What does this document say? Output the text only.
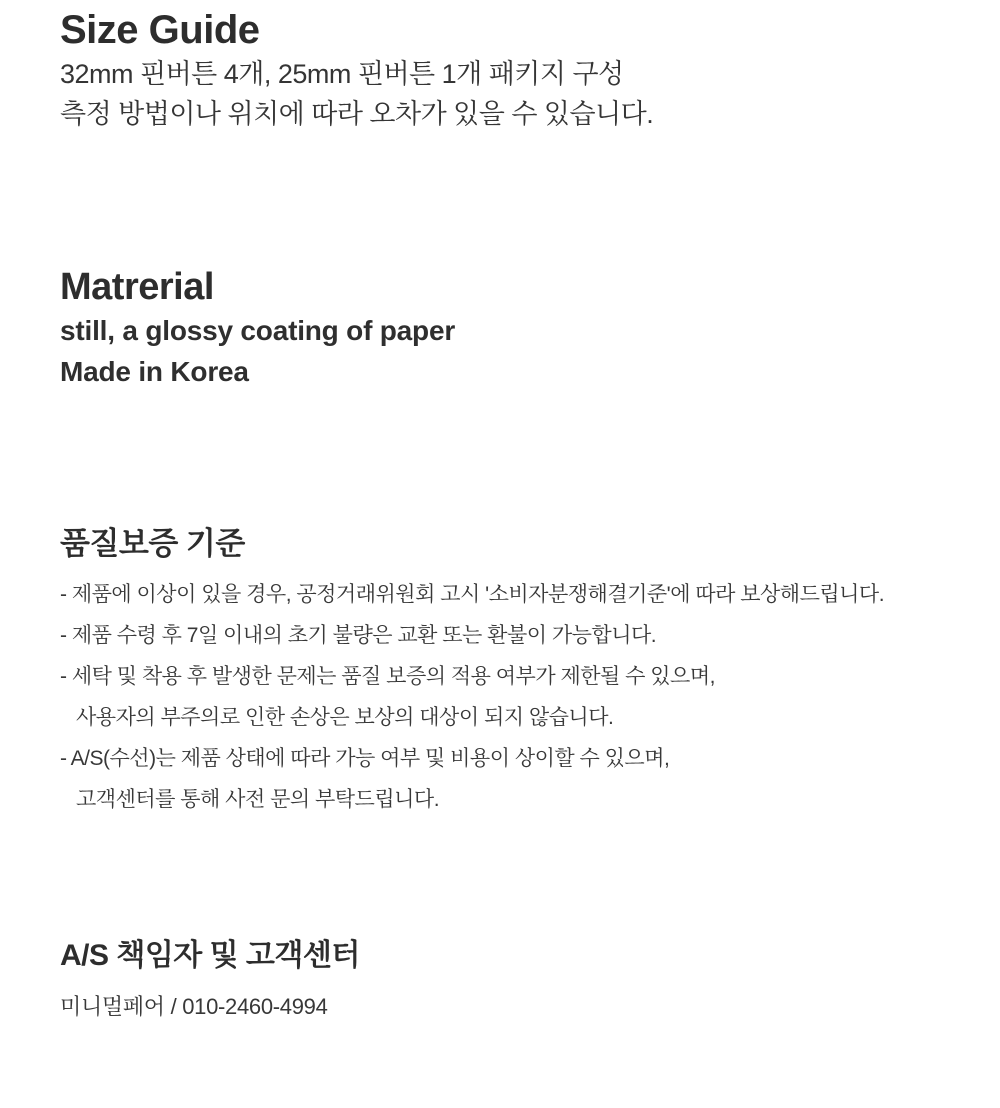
Size Guide
32mm 핀버튼 4개, 25mm 핀버튼 1개 패키지 구성
측정 방법이나 위치에 따라 오차가 있을 수 있습니다.
Matrerial
still, a glossy coating of paper
Made in Korea
품질보증 기준
- 제품에 이상이 있을 경우, 공정거래위원회 고시 '소비자분쟁해결기준'에 따라 보상해드립니다.
- 제품 수령 후 7일 이내의 초기 불량은 교환 또는 환불이 가능합니다.
- 세탁 및 착용 후 발생한 문제는 품질 보증의 적용 여부가 제한될 수 있으며,
사용자의 부주의로 인한 손상은 보상의 대상이 되지 않습니다.
- A/S(수선)는 제품 상태에 따라 가능 여부 및 비용이 상이할 수 있으며,
고객센터를 통해 사전 문의 부탁드립니다.
A/S 책임자 및 고객센터
미니멀페어 / 010-2460-4994
